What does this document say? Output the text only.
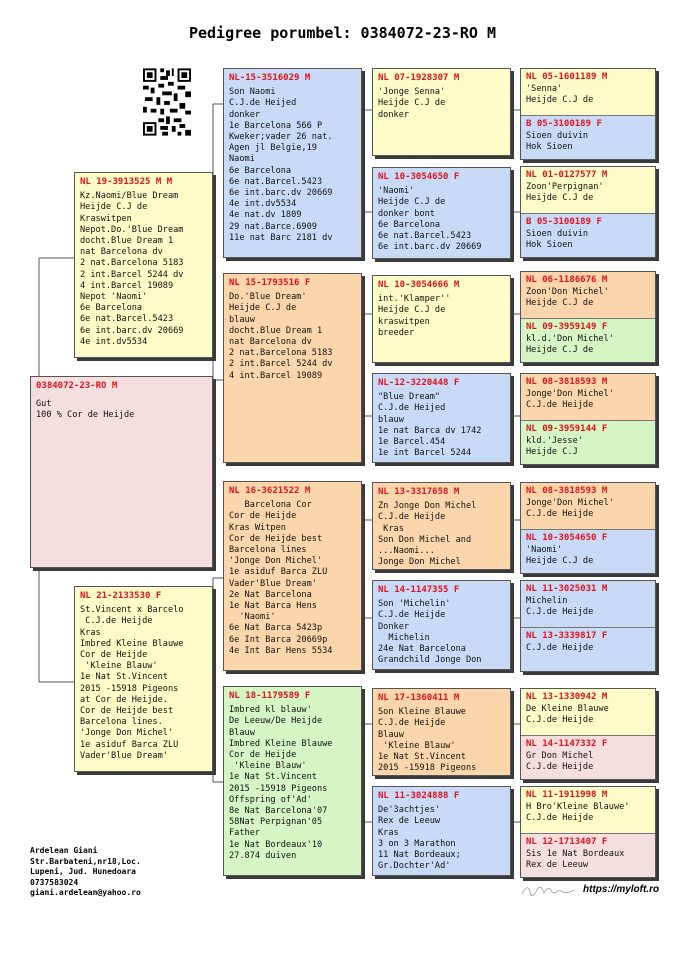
Pedigree porumbel: 0384072-23-RO M
0384072-23-RO M
Gut
100 % Cor de Heijde
NL 19-3913525 M M
Kz.Naomi/Blue Dream
Heijde C.J de
Kraswitpen
Nepot.Do.'Blue Dream
docht.Blue Dream 1
nat Barcelona dv
2 nat.Barcelona 5183
2 int.Barcel 5244 dv
4 int.Barcel 19089
Nepot 'Naomi'
6e Barcelona
6e nat.Barcel.5423
6e int.barc.dv 20669
4e int.dv5534
NL 21-2133530 F
St.Vincent x Barcelo
C.J.de Heijde
Kras
Imbred Kleine Blauwe
Cor de Heijde
'Kleine Blauw'
1e Nat St.Vincent
2015 -15918 Pigeons
at Cor de Heijde.
Cor de Heijde best
Barcelona lines.
'Jonge Don Michel'
1e asiduf Barca ZLU
Vader'Blue Dream'
NL-15-3516029 M
Son Naomi
C.J.de Heijed
donker
1e Barcelona 566 P
Kweker;vader 26 nat.
Agen jl Belgie,19
Naomi
6e Barcelona
6e nat.Barcel.5423
6e int.barc.dv 20669
4e int.dv5534
4e nat.dv 1809
29 nat.Barce.6909
11e nat Barc 2181 dv
NL 15-1793516 F
Do.'Blue Dream'
Heijde C.J de
blauw
docht.Blue Dream 1
nat Barcelona dv
2 nat.Barcelona 5183
2 int.Barcel 5244 dv
4 int.Barcel 19089
NL 16-3621522 M
Barcelona Cor
Cor de Heijde
Kras Witpen
Cor de Heijde best
Barcelona lines
'Jonge Don Michel'
1e asiduf Barca ZLU
Vader'Blue Dream'
2e Nat Barcelona
1e Nat Barca Hens
'Naomi'
6e Nat Barca 5423p
6e Int Barca 20669p
4e Int Bar Hens 5534
NL 18-1179589 F
Imbred kl blauw'
De Leeuw/De Heijde
Blauw
Imbred Kleine Blauwe
Cor de Heijde
'Kleine Blauw'
1e Nat St.Vincent
2015 -15918 Pigeons
Offspring of'Ad'
8e Nat Barcelona'07
58Nat Perpignan'05
Father
1e Nat Bordeaux'10
27.874 duiven
NL 07-1928307 M
'Jonge Senna'
Heijde C.J de
donker
NL 10-3054650 F
'Naomi'
Heijde C.J de
donker bont
6e Barcelona
6e nat.Barcel.5423
6e int.barc.dv 20669
NL 10-3054666 M
int.'Klamper''
Heijde C.J de
kraswitpen
breeder
NL-12-3220448 F
"Blue Dream"
C.J.de Heijed
blauw
1e nat Barca dv 1742
1e Barcel.454
1e int Barcel 5244
NL 13-3317658 M
Zn Jonge Don Michel
C.J.de Heijde
Kras
Son Don Michel and
...Naomi...
Jonge Don Michel
NL 14-1147355 F
Son 'Michelin'
C.J.de Heijde
Donker
Michelin
24e Nat Barcelona
Grandchild Jonge Don
NL 17-1360411 M
Son Kleine Blauwe
C.J.de Heijde
Blauw
'Kleine Blauw'
1e Nat St.Vincent
2015 -15918 Pigeons
NL 11-3024888 F
De'3achtjes'
Rex de Leeuw
Kras
3 on 3 Marathon
11 Nat Bordeaux;
Gr.Dochter'Ad'
NL 05-1601189 M
'Senna'
Heijde C.J de
B 05-3100189 F
Sioen duivin
Hok Sioen
NL 01-0127577 M
Zoon'Perpignan'
Heijde C.J de
B 05-3100189 F
Sioen duivin
Hok Sioen
NL 06-1186676 M
Zoon'Don Michel'
Heijde C.J de
NL 09-3959149 F
kl.d.'Don Michel'
Heijde C.J de
NL 08-3818593 M
Jonge'Don Michel'
C.J.de Heijde
NL 09-3959144 F
kld.'Jesse'
Heijde C.J
NL 08-3818593 M
Jonge'Don Michel'
C.J.de Heijde
NL 10-3054650 F
'Naomi'
Heijde C.J de
NL 11-3025031 M
Michelin
C.J.de Heijde
NL 13-3339817 F
C.J.de Heijde
NL 13-1330942 M
De Kleine Blauwe
C.J.de Heijde
NL 14-1147332 F
Gr Don Michel
C.J.de Heijde
NL 11-1911998 M
H Bro'Kleine Blauwe'
C.J.de Heijde
NL 12-1713407 F
Sis 1e Nat Bordeaux
Rex de Leeuw
Ardelean Giani
Str.Barbateni,nr18,Loc.
Lupeni, Jud. Hunedoara
0737583024
giani.ardelean@yahoo.ro	https://myloft.ro
